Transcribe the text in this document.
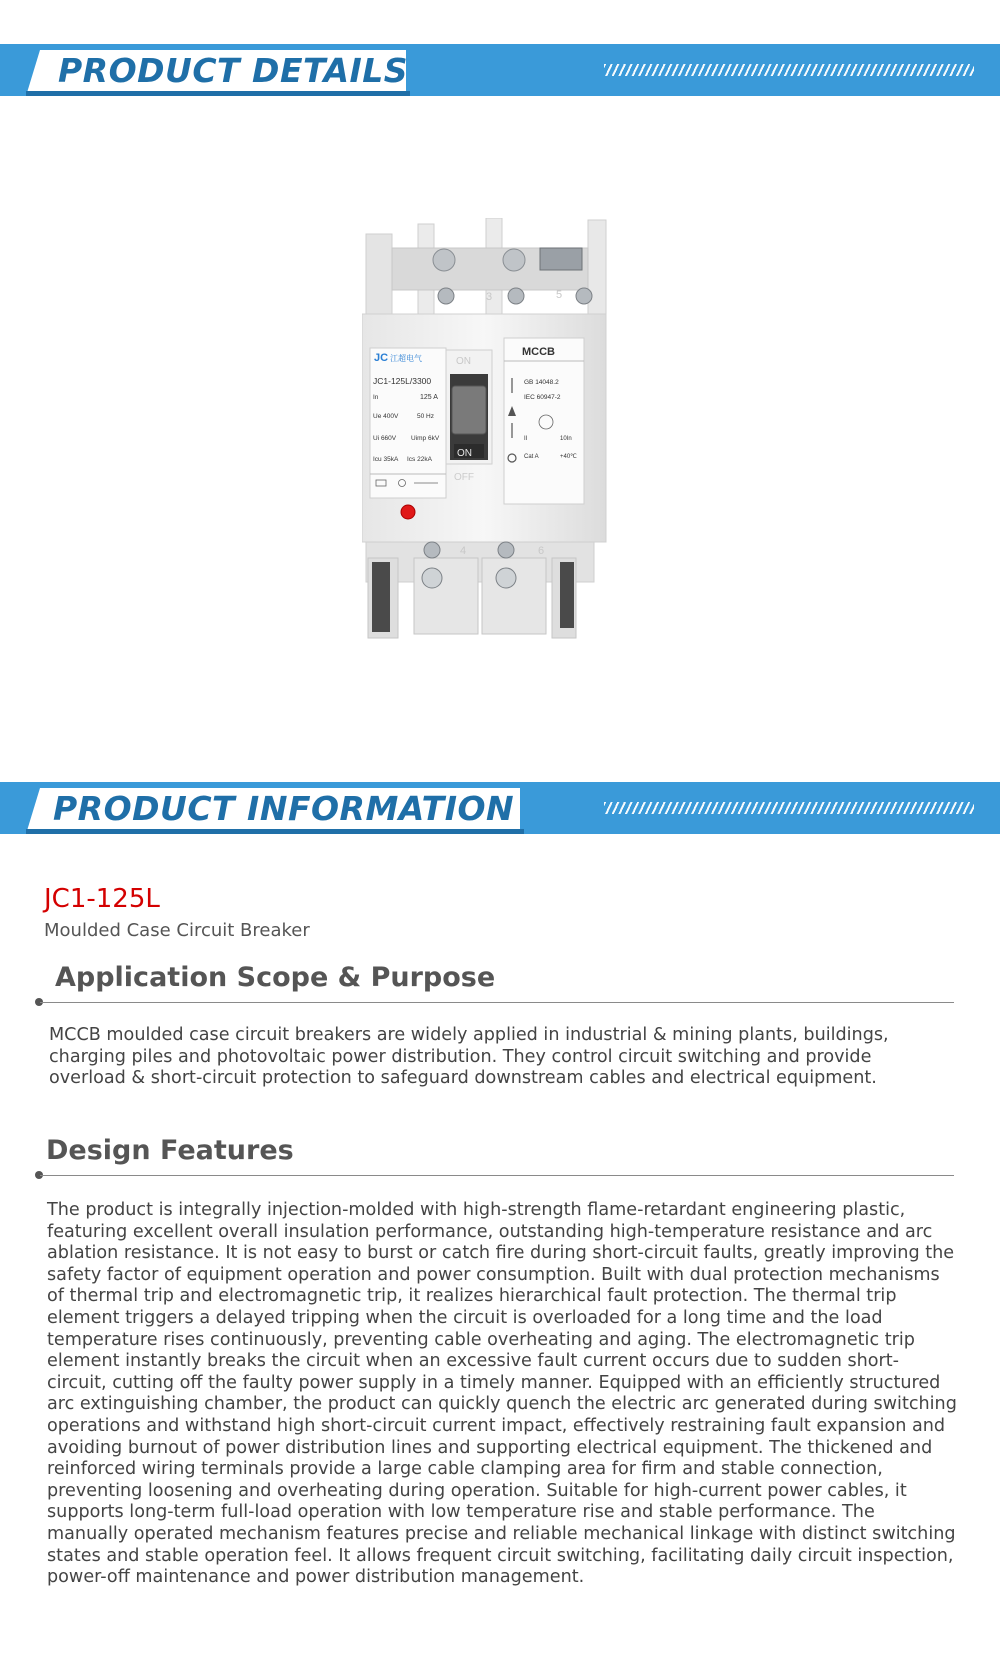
PRODUCT DETAILS
3	5
JC 江超电气
JC1-125L/3300
In	125 A
Ue 400V	50 Hz
Ui 660V Uimp 6kV
Icu 35kA Ics 22kA
ON
ON
OFF
MCCB
GB 14048.2
IEC 60947-2
II	10In
Cat A	+40℃
4	6
PRODUCT INFORMATION
JC1-125L
Moulded Case Circuit Breaker
Application Scope & Purpose
MCCB moulded case circuit breakers are widely applied in industrial & mining plants, buildings, charging piles and photovoltaic power distribution. They control circuit switching and provide overload & short-circuit protection to safeguard downstream cables and electrical equipment.
Design Features
The product is integrally injection-molded with high-strength flame-retardant engineering plastic, featuring excellent overall insulation performance, outstanding high-temperature resistance and arc ablation resistance. It is not easy to burst or catch fire during short-circuit faults, greatly improving the safety factor of equipment operation and power consumption. Built with dual protection mechanisms of thermal trip and electromagnetic trip, it realizes hierarchical fault protection. The thermal trip element triggers a delayed tripping when the circuit is overloaded for a long time and the load temperature rises continuously, preventing cable overheating and aging. The electromagnetic trip element instantly breaks the circuit when an excessive fault current occurs due to sudden short-circuit, cutting off the faulty power supply in a timely manner. Equipped with an efficiently structured arc extinguishing chamber, the product can quickly quench the electric arc generated during switching operations and withstand high short-circuit current impact, effectively restraining fault expansion and avoiding burnout of power distribution lines and supporting electrical equipment. The thickened and reinforced wiring terminals provide a large cable clamping area for firm and stable connection, preventing loosening and overheating during operation. Suitable for high-current power cables, it supports long-term full-load operation with low temperature rise and stable performance. The manually operated mechanism features precise and reliable mechanical linkage with distinct switching states and stable operation feel. It allows frequent circuit switching, facilitating daily circuit inspection, power-off maintenance and power distribution management.
